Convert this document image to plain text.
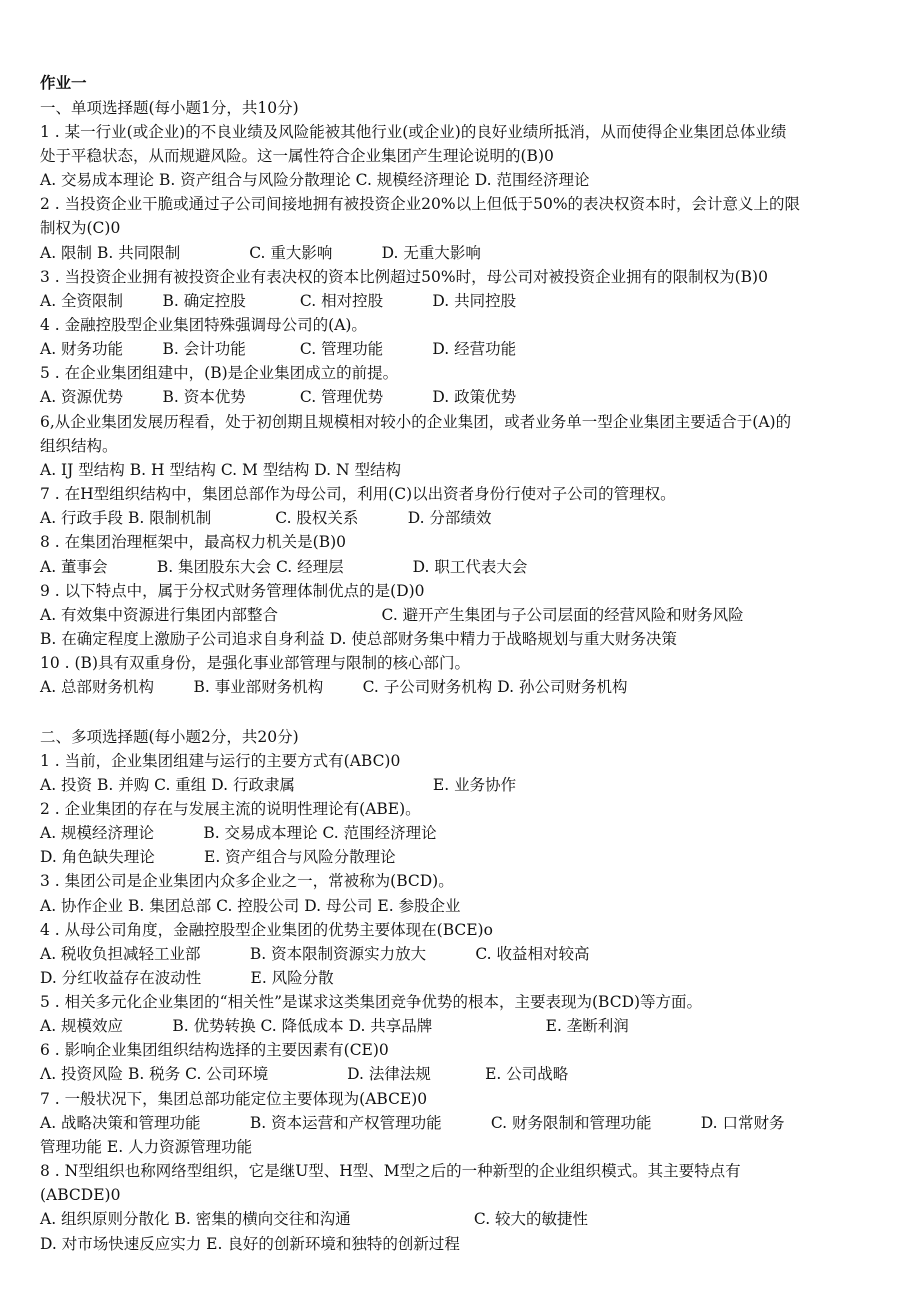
作业一
一、单项选择题(每小题1分，共10分)
1 . 某一行业(或企业)的不良业绩及风险能被其他行业(或企业)的良好业绩所抵消，从而使得企业集团总体业绩
处于平稳状态，从而规避风险。这一属性符合企业集团产生理论说明的(B)0
A. 交易成本理论 B. 资产组合与风险分散理论 C. 规模经济理论 D. 范围经济理论
2 . 当投资企业干脆或通过子公司间接地拥有被投资企业20%以上但低于50%的表决权资本时，会计意义上的限
制权为(C)0
A. 限制 B. 共同限制              C. 重大影响          D. 无重大影响
3 . 当投资企业拥有被投资企业有表决权的资本比例超过50%时，母公司对被投资企业拥有的限制权为(B)0
A. 全资限制        B. 确定控股           C. 相对控股          D. 共同控股
4 . 金融控股型企业集团特殊强调母公司的(A)。
A. 财务功能        B. 会计功能           C. 管理功能          D. 经营功能
5 . 在企业集团组建中，(B)是企业集团成立的前提。
A. 资源优势        B. 资本优势           C. 管理优势          D. 政策优势
6,从企业集团发展历程看，处于初创期且规模相对较小的企业集团，或者业务单一型企业集团主要适合于(A)的
组织结构。
A. IJ 型结构 B. H 型结构 C. M 型结构 D. N 型结构
7 . 在H型组织结构中，集团总部作为母公司，利用(C)以出资者身份行使对子公司的管理权。
A. 行政手段 B. 限制机制             C. 股权关系          D. 分部绩效
8 . 在集团治理框架中，最高权力机关是(B)0
A. 董事会          B. 集团股东大会 C. 经理层              D. 职工代表大会
9 . 以下特点中，属于分权式财务管理体制优点的是(D)0
A. 有效集中资源进行集团内部整合                     C. 避开产生集团与子公司层面的经营风险和财务风险
B. 在确定程度上激励子公司追求自身利益 D. 使总部财务集中精力于战略规划与重大财务决策
10 . (B)具有双重身份，是强化事业部管理与限制的核心部门。
A. 总部财务机构        B. 事业部财务机构        C. 子公司财务机构 D. 孙公司财务机构
二、多项选择题(每小题2分，共20分)
1 . 当前，企业集团组建与运行的主要方式有(ABC)0
A. 投资 B. 并购 C. 重组 D. 行政隶属                            E. 业务协作
2 . 企业集团的存在与发展主流的说明性理论有(ABE)。
A. 规模经济理论          B. 交易成本理论 C. 范围经济理论
D. 角色缺失理论          E. 资产组合与风险分散理论
3 . 集团公司是企业集团内众多企业之一，常被称为(BCD)。
A. 协作企业 B. 集团总部 C. 控股公司 D. 母公司 E. 参股企业
4 . 从母公司角度，金融控股型企业集团的优势主要体现在(BCE)o
A. 税收负担减轻工业部          B. 资本限制资源实力放大          C. 收益相对较高
D. 分红收益存在波动性          E. 风险分散
5 . 相关多元化企业集团的“相关性”是谋求这类集团竞争优势的根本，主要表现为(BCD)等方面。
A. 规模效应          B. 优势转换 C. 降低成本 D. 共享品牌                       E. 垄断利润
6 . 影响企业集团组织结构选择的主要因素有(CE)0
Λ. 投资风险 B. 税务 C. 公司环境                D. 法律法规           E. 公司战略
7 . 一般状况下，集团总部功能定位主要体现为(ABCE)0
A. 战略决策和管理功能          B. 资本运营和产权管理功能          C. 财务限制和管理功能          D. 口常财务
管理功能 E. 人力资源管理功能
8 . N型组织也称网络型组织，它是继U型、H型、M型之后的一种新型的企业组织模式。其主要特点有
(ABCDE)0
A. 组织原则分散化 B. 密集的横向交往和沟通                         C. 较大的敏捷性
D. 对市场快速反应实力 E. 良好的创新环境和独特的创新过程
